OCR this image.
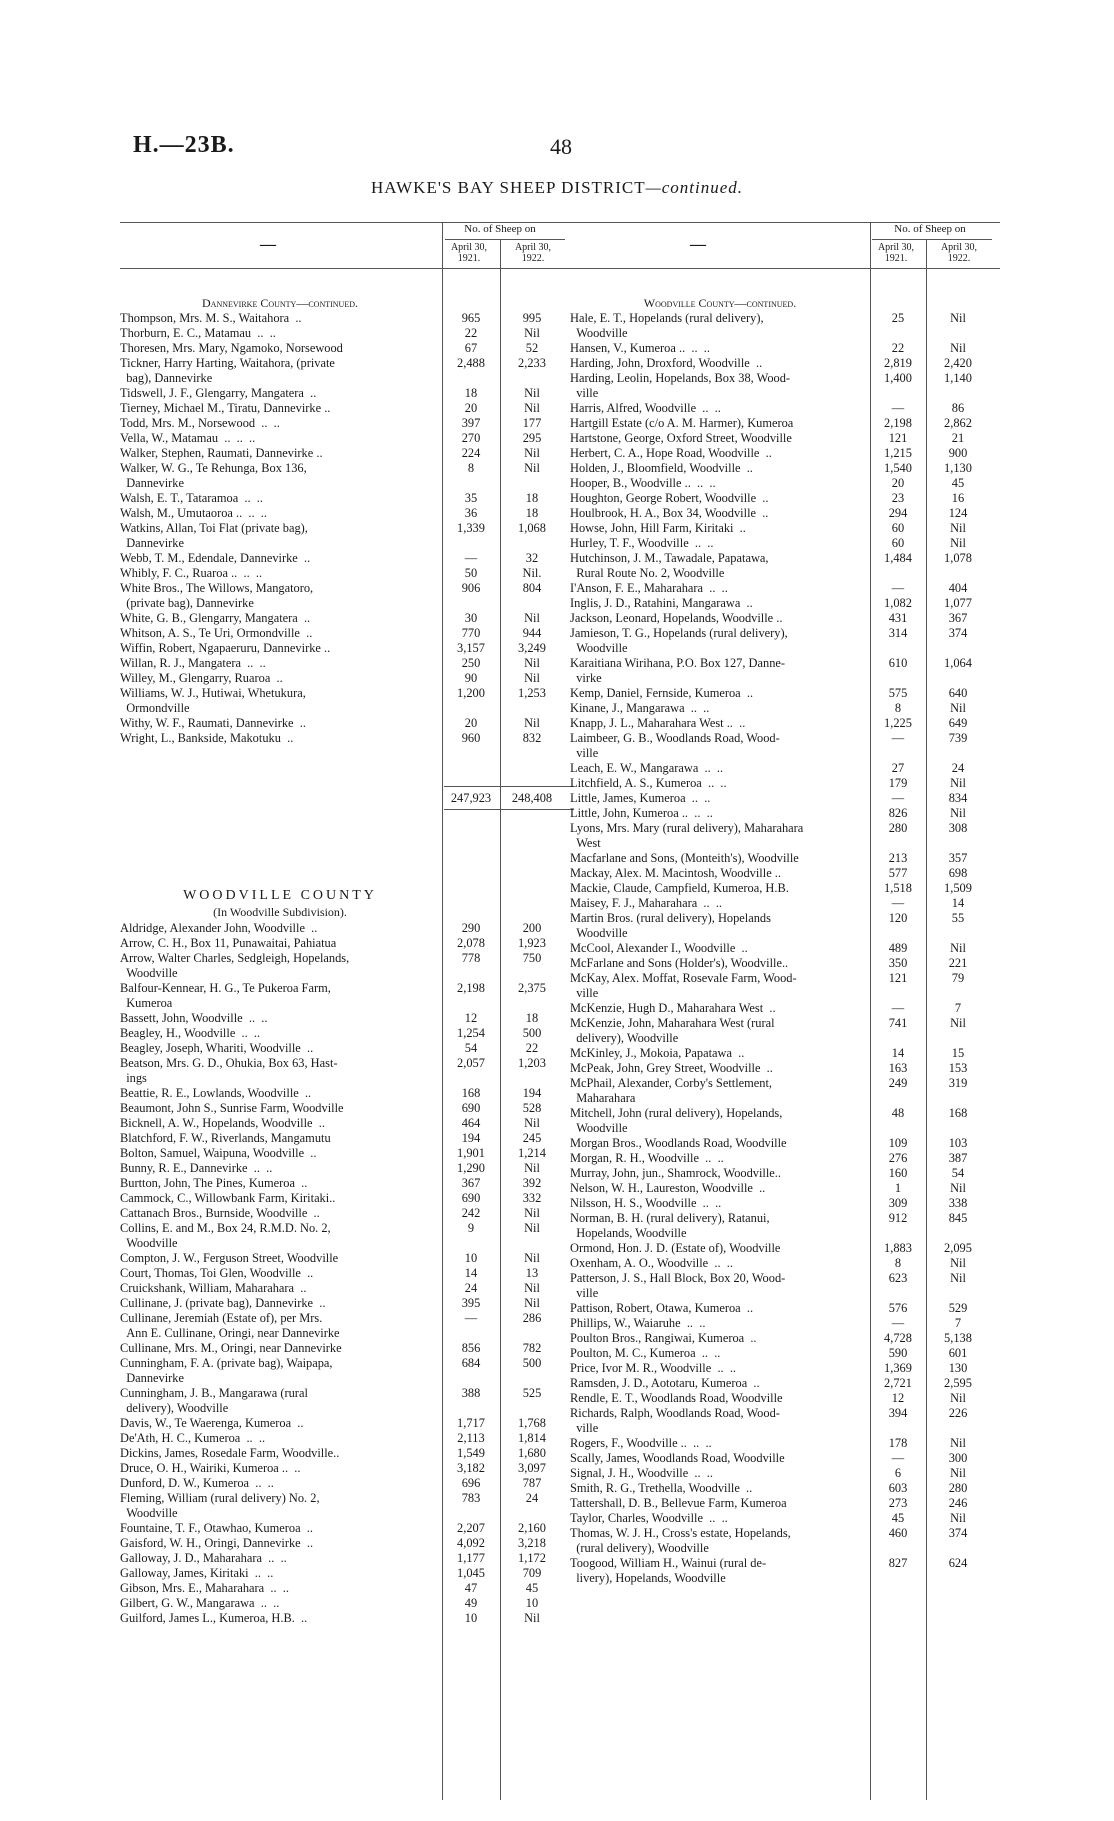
H.—23B.	48
HAWKE'S BAY SHEEP DISTRICT—continued.
—
No. of Sheep on
April 30,
1921.
April 30,
1922.
Dannevirke County—continued.
Thompson, Mrs. M. S., Waitahora  ..	965	995
Thorburn, E. C., Matamau  ..  ..	22	Nil
Thoresen, Mrs. Mary, Ngamoko, Norsewood	67	52
Tickner, Harry Harting, Waitahora, (private	2,488	2,233
bag), Dannevirke
Tidswell, J. F., Glengarry, Mangatera  ..	18	Nil
Tierney, Michael M., Tiratu, Dannevirke ..	20	Nil
Todd, Mrs. M., Norsewood  ..  ..	397	177
Vella, W., Matamau  ..  ..  ..	270	295
Walker, Stephen, Raumati, Dannevirke ..	224	Nil
Walker, W. G., Te Rehunga, Box 136,	8	Nil
Dannevirke
Walsh, E. T., Tataramoa  ..  ..	35	18
Walsh, M., Umutaoroa ..  ..  ..	36	18
Watkins, Allan, Toi Flat (private bag),	1,339	1,068
Dannevirke
Webb, T. M., Edendale, Dannevirke  ..	—	32
Whibly, F. C., Ruaroa ..  ..  ..	50	Nil.
White Bros., The Willows, Mangatoro,	906	804
(private bag), Dannevirke
White, G. B., Glengarry, Mangatera  ..	30	Nil
Whitson, A. S., Te Uri, Ormondville  ..	770	944
Wiffin, Robert, Ngapaeruru, Dannevirke ..	3,157	3,249
Willan, R. J., Mangatera  ..  ..	250	Nil
Willey, M., Glengarry, Ruaroa  ..	90	Nil
Williams, W. J., Hutiwai, Whetukura,	1,200	1,253
Ormondville
Withy, W. F., Raumati, Dannevirke  ..	20	Nil
Wright, L., Bankside, Makotuku  ..	960	832
247,923	248,408
WOODVILLE COUNTY
(In Woodville Subdivision).
Aldridge, Alexander John, Woodville  ..	290	200
Arrow, C. H., Box 11, Punawaitai, Pahiatua	2,078	1,923
Arrow, Walter Charles, Sedgleigh, Hopelands,	778	750
Woodville
Balfour-Kennear, H. G., Te Pukeroa Farm,	2,198	2,375
Kumeroa
Bassett, John, Woodville  ..  ..	12	18
Beagley, H., Woodville  ..  ..	1,254	500
Beagley, Joseph, Whariti, Woodville  ..	54	22
Beatson, Mrs. G. D., Ohukia, Box 63, Hast-	2,057	1,203
ings
Beattie, R. E., Lowlands, Woodville  ..	168	194
Beaumont, John S., Sunrise Farm, Woodville	690	528
Bicknell, A. W., Hopelands, Woodville  ..	464	Nil
Blatchford, F. W., Riverlands, Mangamutu	194	245
Bolton, Samuel, Waipuna, Woodville  ..	1,901	1,214
Bunny, R. E., Dannevirke  ..  ..	1,290	Nil
Burtton, John, The Pines, Kumeroa  ..	367	392
Cammock, C., Willowbank Farm, Kiritaki..	690	332
Cattanach Bros., Burnside, Woodville  ..	242	Nil
Collins, E. and M., Box 24, R.M.D. No. 2,	9	Nil
Woodville
Compton, J. W., Ferguson Street, Woodville	10	Nil
Court, Thomas, Toi Glen, Woodville  ..	14	13
Cruickshank, William, Maharahara  ..	24	Nil
Cullinane, J. (private bag), Dannevirke  ..	395	Nil
Cullinane, Jeremiah (Estate of), per Mrs.	—	286
Ann E. Cullinane, Oringi, near Dannevirke
Cullinane, Mrs. M., Oringi, near Dannevirke	856	782
Cunningham, F. A. (private bag), Waipapa,	684	500
Dannevirke
Cunningham, J. B., Mangarawa (rural	388	525
delivery), Woodville
Davis, W., Te Waerenga, Kumeroa  ..	1,717	1,768
De'Ath, H. C., Kumeroa  ..  ..	2,113	1,814
Dickins, James, Rosedale Farm, Woodville..	1,549	1,680
Druce, O. H., Wairiki, Kumeroa ..  ..	3,182	3,097
Dunford, D. W., Kumeroa  ..  ..	696	787
Fleming, William (rural delivery) No. 2,	783	24
Woodville
Fountaine, T. F., Otawhao, Kumeroa  ..	2,207	2,160
Gaisford, W. H., Oringi, Dannevirke  ..	4,092	3,218
Galloway, J. D., Maharahara  ..  ..	1,177	1,172
Galloway, James, Kiritaki  ..  ..	1,045	709
Gibson, Mrs. E., Maharahara  ..  ..	47	45
Gilbert, G. W., Mangarawa  ..  ..	49	10
Guilford, James L., Kumeroa, H.B.  ..	10	Nil
—
No. of Sheep on
April 30,
1921.
April 30,
1922.
Woodville County—continued.
Hale, E. T., Hopelands (rural delivery),	25	Nil
Woodville
Hansen, V., Kumeroa ..  ..  ..	22	Nil
Harding, John, Droxford, Woodville  ..	2,819	2,420
Harding, Leolin, Hopelands, Box 38, Wood-	1,400	1,140
ville
Harris, Alfred, Woodville  ..  ..	—	86
Hartgill Estate (c/o A. M. Harmer), Kumeroa	2,198	2,862
Hartstone, George, Oxford Street, Woodville	121	21
Herbert, C. A., Hope Road, Woodville  ..	1,215	900
Holden, J., Bloomfield, Woodville  ..	1,540	1,130
Hooper, B., Woodville ..  ..  ..	20	45
Houghton, George Robert, Woodville  ..	23	16
Houlbrook, H. A., Box 34, Woodville  ..	294	124
Howse, John, Hill Farm, Kiritaki  ..	60	Nil
Hurley, T. F., Woodville  ..  ..	60	Nil
Hutchinson, J. M., Tawadale, Papatawa,	1,484	1,078
Rural Route No. 2, Woodville
I'Anson, F. E., Maharahara  ..  ..	—	404
Inglis, J. D., Ratahini, Mangarawa  ..	1,082	1,077
Jackson, Leonard, Hopelands, Woodville ..	431	367
Jamieson, T. G., Hopelands (rural delivery),	314	374
Woodville
Karaitiana Wirihana, P.O. Box 127, Danne-	610	1,064
virke
Kemp, Daniel, Fernside, Kumeroa  ..	575	640
Kinane, J., Mangarawa  ..  ..	8	Nil
Knapp, J. L., Maharahara West ..  ..	1,225	649
Laimbeer, G. B., Woodlands Road, Wood-	—	739
ville
Leach, E. W., Mangarawa  ..  ..	27	24
Litchfield, A. S., Kumeroa  ..  ..	179	Nil
Little, James, Kumeroa  ..  ..	—	834
Little, John, Kumeroa ..  ..  ..	826	Nil
Lyons, Mrs. Mary (rural delivery), Maharahara	280	308
West
Macfarlane and Sons, (Monteith's), Woodville	213	357
Mackay, Alex. M. Macintosh, Woodville ..	577	698
Mackie, Claude, Campfield, Kumeroa, H.B.	1,518	1,509
Maisey, F. J., Maharahara  ..  ..	—	14
Martin Bros. (rural delivery), Hopelands	120	55
Woodville
McCool, Alexander I., Woodville  ..	489	Nil
McFarlane and Sons (Holder's), Woodville..	350	221
McKay, Alex. Moffat, Rosevale Farm, Wood-	121	79
ville
McKenzie, Hugh D., Maharahara West  ..	—	7
McKenzie, John, Maharahara West (rural	741	Nil
delivery), Woodville
McKinley, J., Mokoia, Papatawa  ..	14	15
McPeak, John, Grey Street, Woodville  ..	163	153
McPhail, Alexander, Corby's Settlement,	249	319
Maharahara
Mitchell, John (rural delivery), Hopelands,	48	168
Woodville
Morgan Bros., Woodlands Road, Woodville	109	103
Morgan, R. H., Woodville  ..  ..	276	387
Murray, John, jun., Shamrock, Woodville..	160	54
Nelson, W. H., Laureston, Woodville  ..	1	Nil
Nilsson, H. S., Woodville  ..  ..	309	338
Norman, B. H. (rural delivery), Ratanui,	912	845
Hopelands, Woodville
Ormond, Hon. J. D. (Estate of), Woodville	1,883	2,095
Oxenham, A. O., Woodville  ..  ..	8	Nil
Patterson, J. S., Hall Block, Box 20, Wood-	623	Nil
ville
Pattison, Robert, Otawa, Kumeroa  ..	576	529
Phillips, W., Waiaruhe  ..  ..	—	7
Poulton Bros., Rangiwai, Kumeroa  ..	4,728	5,138
Poulton, M. C., Kumeroa  ..  ..	590	601
Price, Ivor M. R., Woodville  ..  ..	1,369	130
Ramsden, J. D., Aototaru, Kumeroa  ..	2,721	2,595
Rendle, E. T., Woodlands Road, Woodville	12	Nil
Richards, Ralph, Woodlands Road, Wood-	394	226
ville
Rogers, F., Woodville ..  ..  ..	178	Nil
Scally, James, Woodlands Road, Woodville	—	300
Signal, J. H., Woodville  ..  ..	6	Nil
Smith, R. G., Trethella, Woodville  ..	603	280
Tattershall, D. B., Bellevue Farm, Kumeroa	273	246
Taylor, Charles, Woodville  ..  ..	45	Nil
Thomas, W. J. H., Cross's estate, Hopelands,	460	374
(rural delivery), Woodville
Toogood, William H., Wainui (rural de-	827	624
livery), Hopelands, Woodville
